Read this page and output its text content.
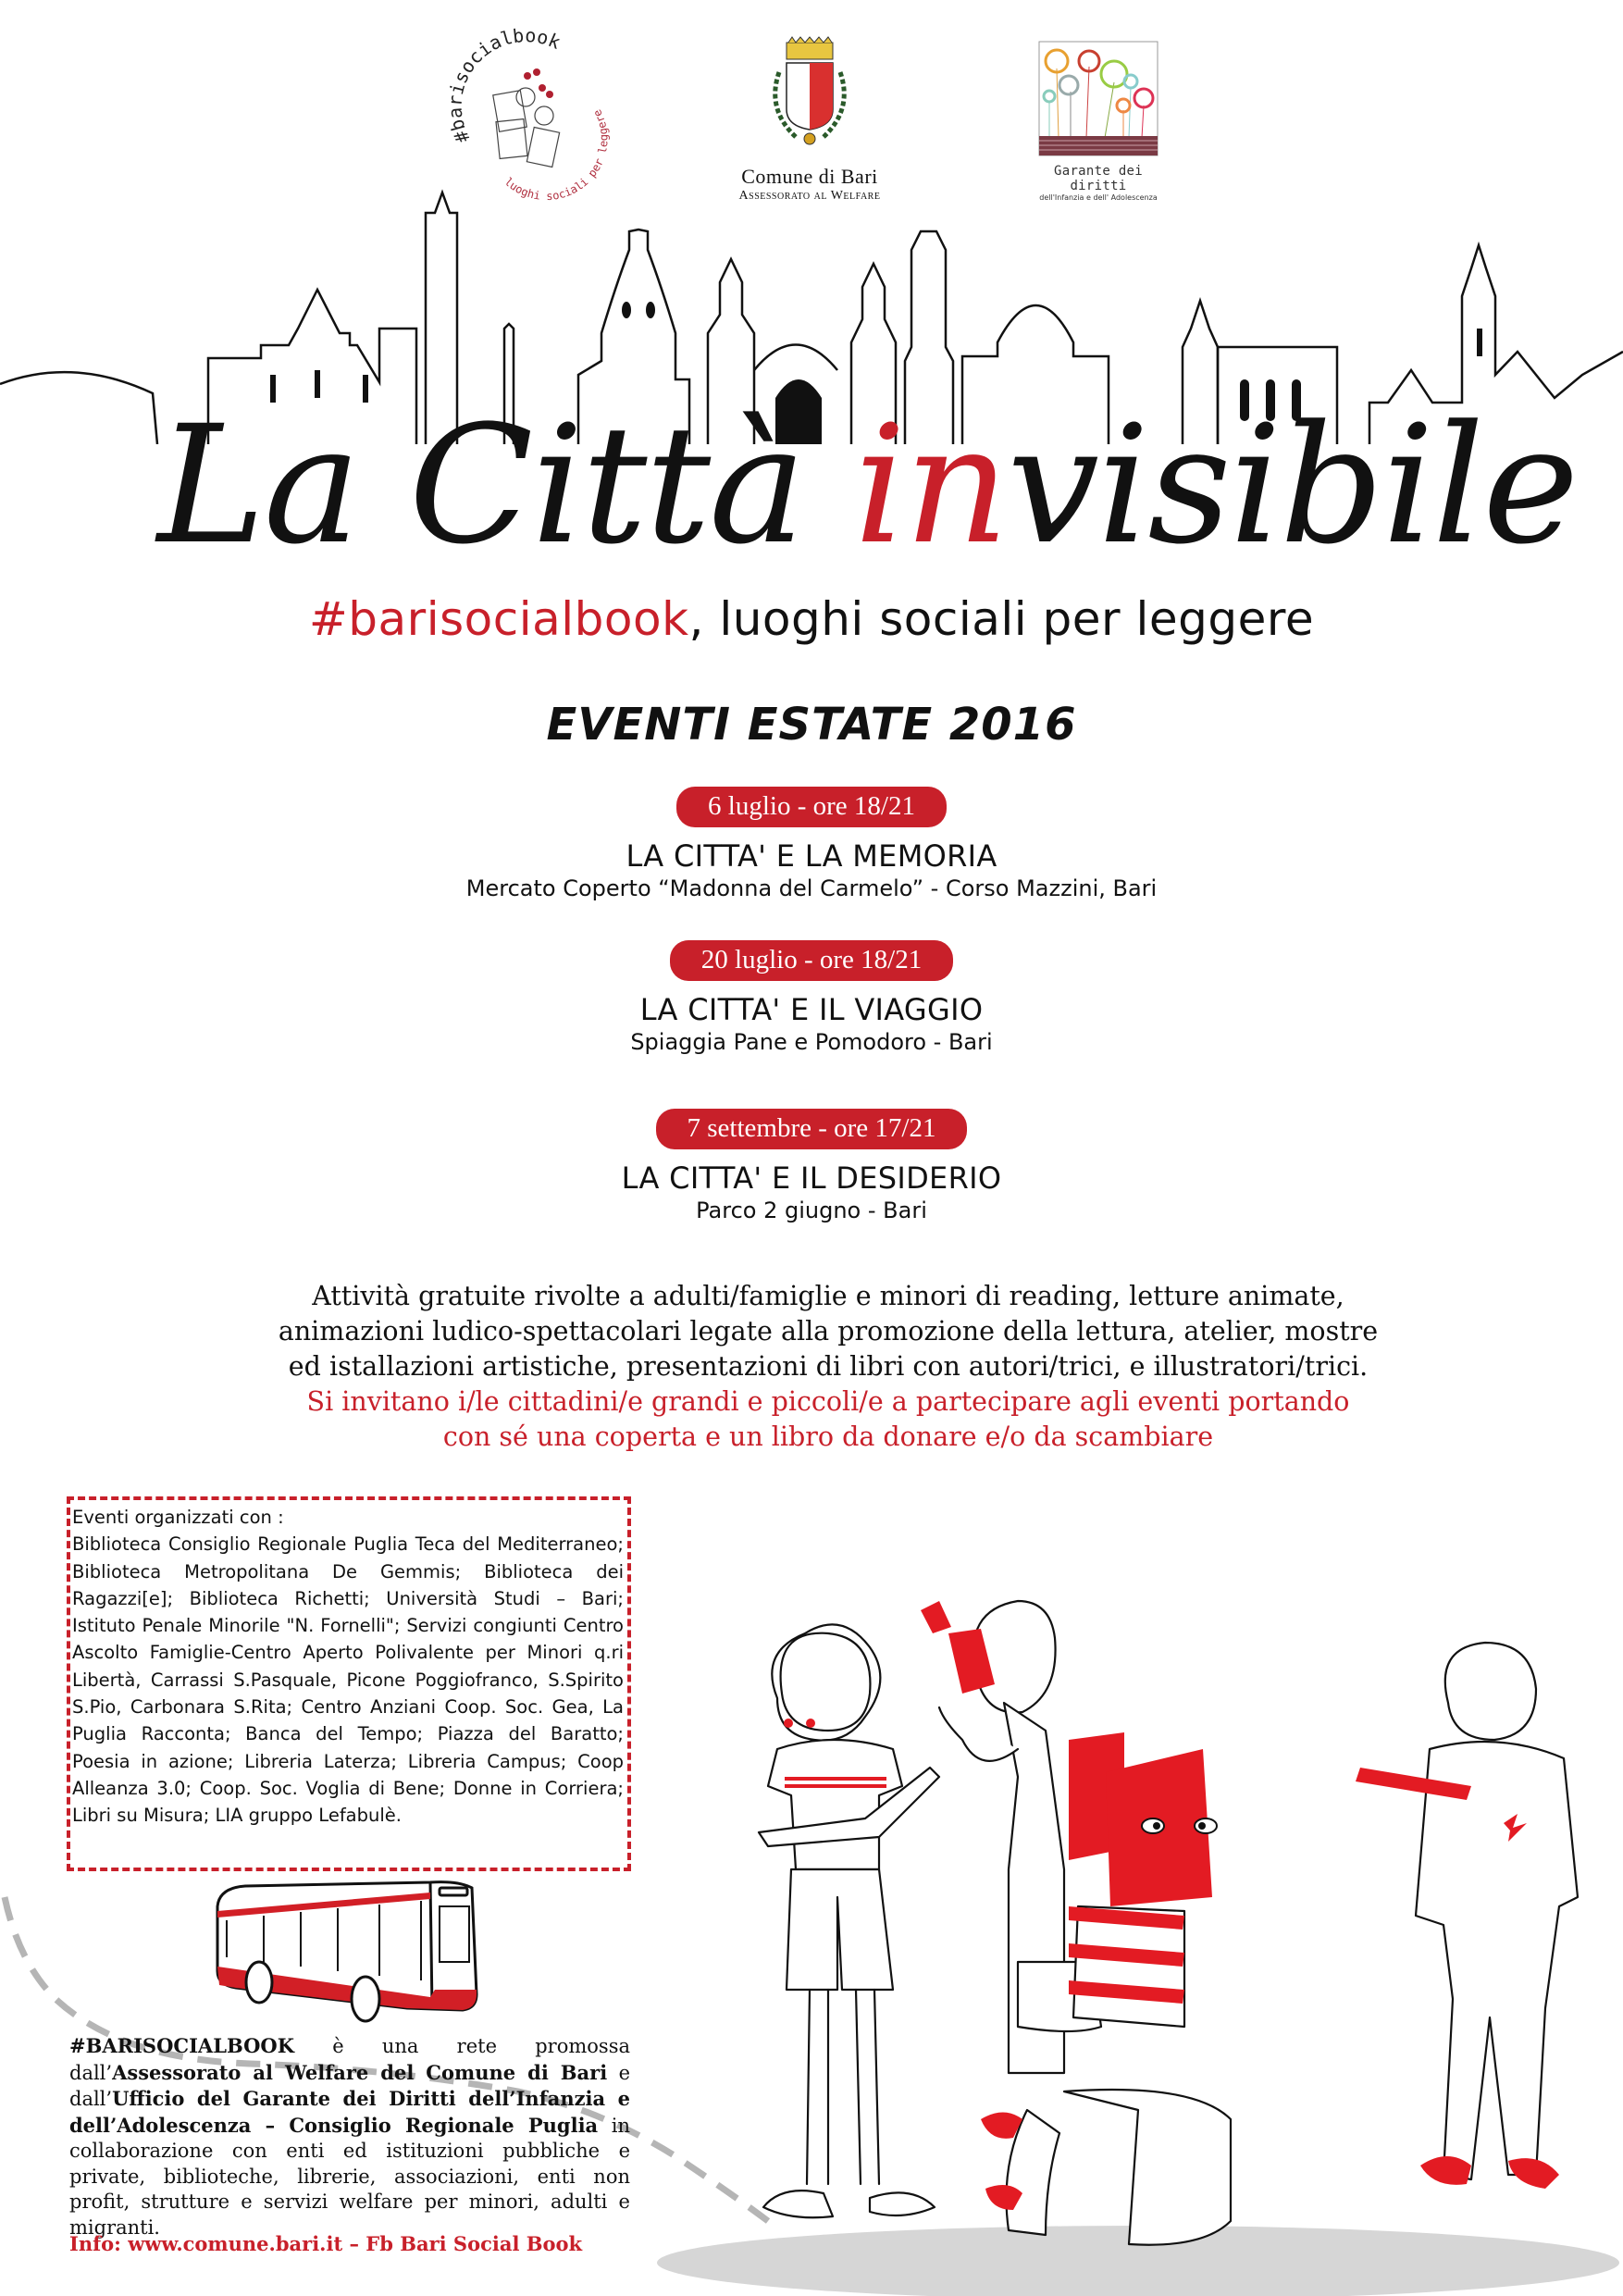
#barisocialbook
luoghi sociali per leggere
Comune di Bari
Assessorato al Welfare
Garante dei diritti
dell'Infanzia e dell' Adolescenza
La Città invisibile
#barisocialbook, luoghi sociali per leggere
EVENTI ESTATE 2016
6 luglio - ore 18/21
LA CITTA' E LA MEMORIA
Mercato Coperto “Madonna del Carmelo” - Corso Mazzini, Bari
20 luglio - ore 18/21
LA CITTA' E IL VIAGGIO
Spiaggia Pane e Pomodoro - Bari
7 settembre - ore 17/21
LA CITTA' E IL DESIDERIO
Parco 2 giugno - Bari
Attività gratuite rivolte a adulti/famiglie e minori di reading, letture animate,
animazioni ludico-spettacolari legate alla promozione della lettura, atelier, mostre
ed istallazioni artistiche, presentazioni di libri con autori/trici, e illustratori/trici.
Si invitano i/le cittadini/e grandi e piccoli/e a partecipare agli eventi portando
con sé una coperta e un libro da donare e/o da scambiare

Eventi organizzati con :

Biblioteca Consiglio Regionale Puglia Teca del Mediterraneo; Biblioteca Metropolitana De Gemmis; Biblioteca dei Ragazzi[e]; Biblioteca Richetti; Università Studi – Bari; Istituto Penale Minorile "N. Fornelli"; Servizi congiunti Centro Ascolto Famiglie-Centro Aperto Polivalente per Minori q.ri Libertà, Carrassi S.Pasquale, Picone Poggiofranco, S.Spirito S.Pio, Carbonara S.Rita; Centro Anziani Coop. Soc. Gea, La Puglia Racconta; Banca del Tempo; Piazza del Baratto; Poesia in azione; Libreria Laterza; Libreria Campus; Coop Alleanza 3.0; Coop. Soc. Voglia di Bene; Donne in Corriera; Libri su Misura; LIA gruppo Lefabulè.

#BARISOCIALBOOK è una rete promossa dall’Assessorato al Welfare del Comune di Bari e dall’Ufficio del Garante dei Diritti dell’Infanzia e dell’Adolescenza – Consiglio Regionale Puglia in collaborazione con enti ed istituzioni pubbliche e private, biblioteche, librerie, associazioni, enti non profit, strutture e servizi welfare per minori, adulti e migranti.
Info: www.comune.bari.it – Fb Bari Social Book
